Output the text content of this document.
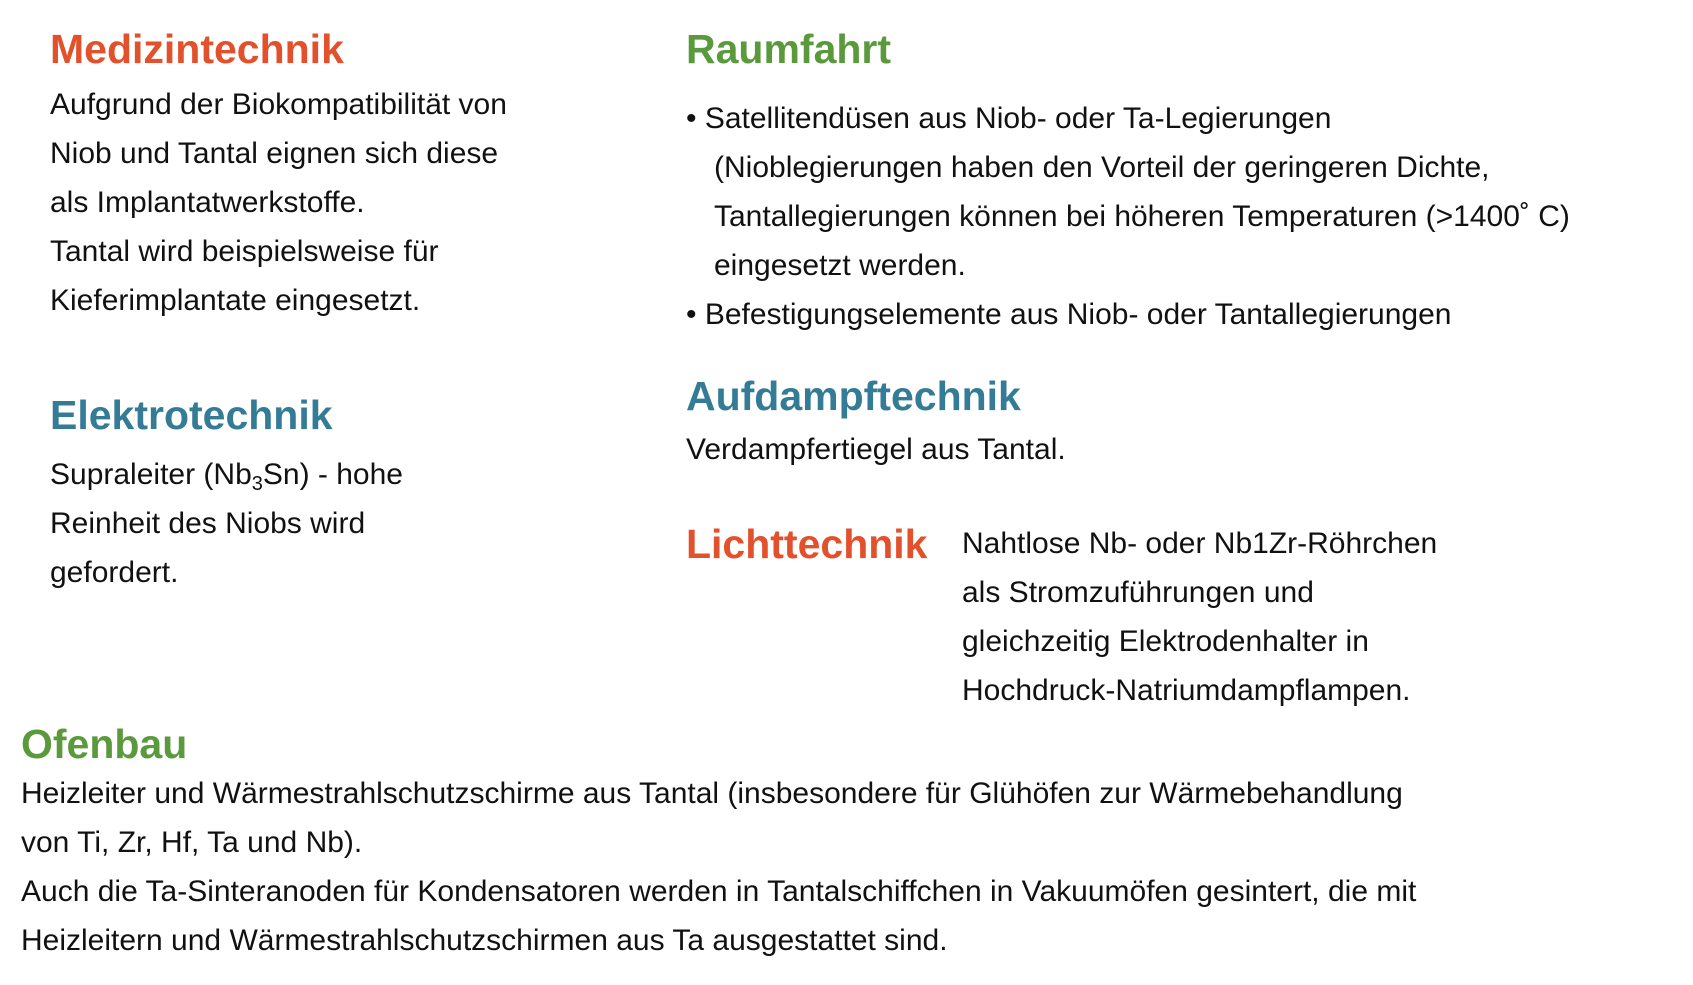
Medizintechnik
Aufgrund der Biokompatibilität von
Niob und Tantal eignen sich diese
als Implantatwerkstoffe.
Tantal wird beispielsweise für
Kieferimplantate eingesetzt.
Raumfahrt
• Satellitendüsen aus Niob- oder Ta-Legierungen
(Nioblegierungen haben den Vorteil der geringeren Dichte,
Tantallegierungen können bei höheren Temperaturen (>1400˚ C)
eingesetzt werden.
• Befestigungselemente aus Niob- oder Tantallegierungen
Elektrotechnik
Supraleiter $(Nb_3Sn)$ - hohe
Reinheit des Niobs wird
gefordert.
Aufdampftechnik
Verdampfertiegel aus Tantal.
Lichttechnik Nahtlose Nb- oder Nb1Zr-Röhrchen
als Stromzuführungen und
gleichzeitig Elektrodenhalter in
Hochdruck-Natriumdampflampen.
Ofenbau
Heizleiter und Wärmestrahlschutzschirme aus Tantal (insbesondere für Glühöfen zur Wärmebehandlung
von Ti, Zr, Hf, Ta und Nb).
Auch die Ta-Sinteranoden für Kondensatoren werden in Tantalschiffchen in Vakuumöfen gesintert, die mit
Heizleitern und Wärmestrahlschutzschirmen aus Ta ausgestattet sind.
